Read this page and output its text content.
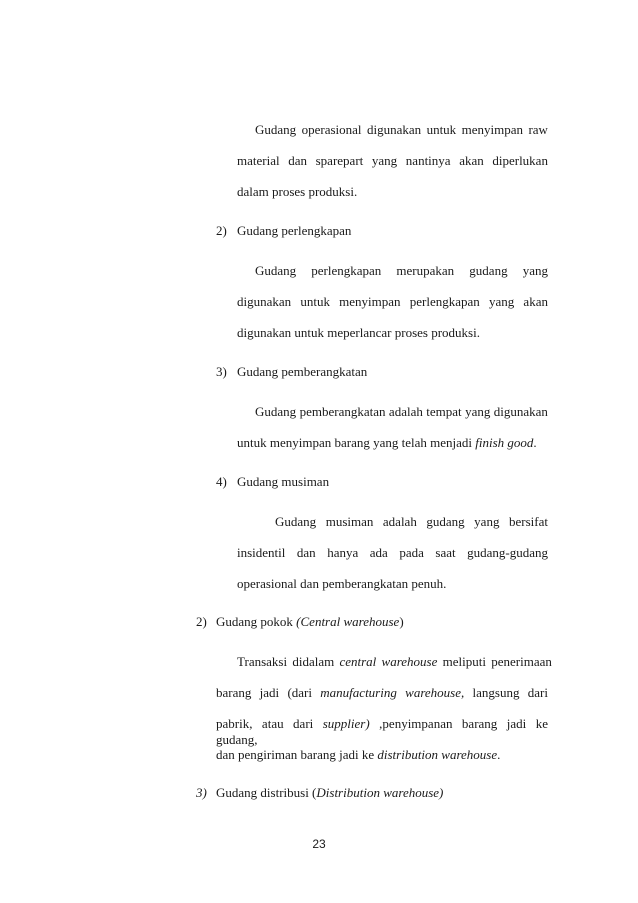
Gudang operasional digunakan untuk menyimpan raw
material dan sparepart yang nantinya akan diperlukan
dalam proses produksi.
2) Gudang perlengkapan
Gudang perlengkapan merupakan gudang yang
digunakan untuk menyimpan perlengkapan yang akan
digunakan untuk meperlancar proses produksi.
3) Gudang pemberangkatan
Gudang pemberangkatan adalah tempat yang digunakan
untuk menyimpan barang yang telah menjadi finish good.
4) Gudang musiman
Gudang musiman adalah gudang yang bersifat
insidentil dan hanya ada pada saat gudang-gudang
operasional dan pemberangkatan penuh.
2) Gudang pokok (Central warehouse)
Transaksi didalam central warehouse meliputi penerimaan
barang jadi (dari manufacturing warehouse, langsung dari
pabrik, atau dari supplier) ,penyimpanan barang jadi ke gudang,
dan pengiriman barang jadi ke distribution warehouse.
3) Gudang distribusi (Distribution warehouse)
23
